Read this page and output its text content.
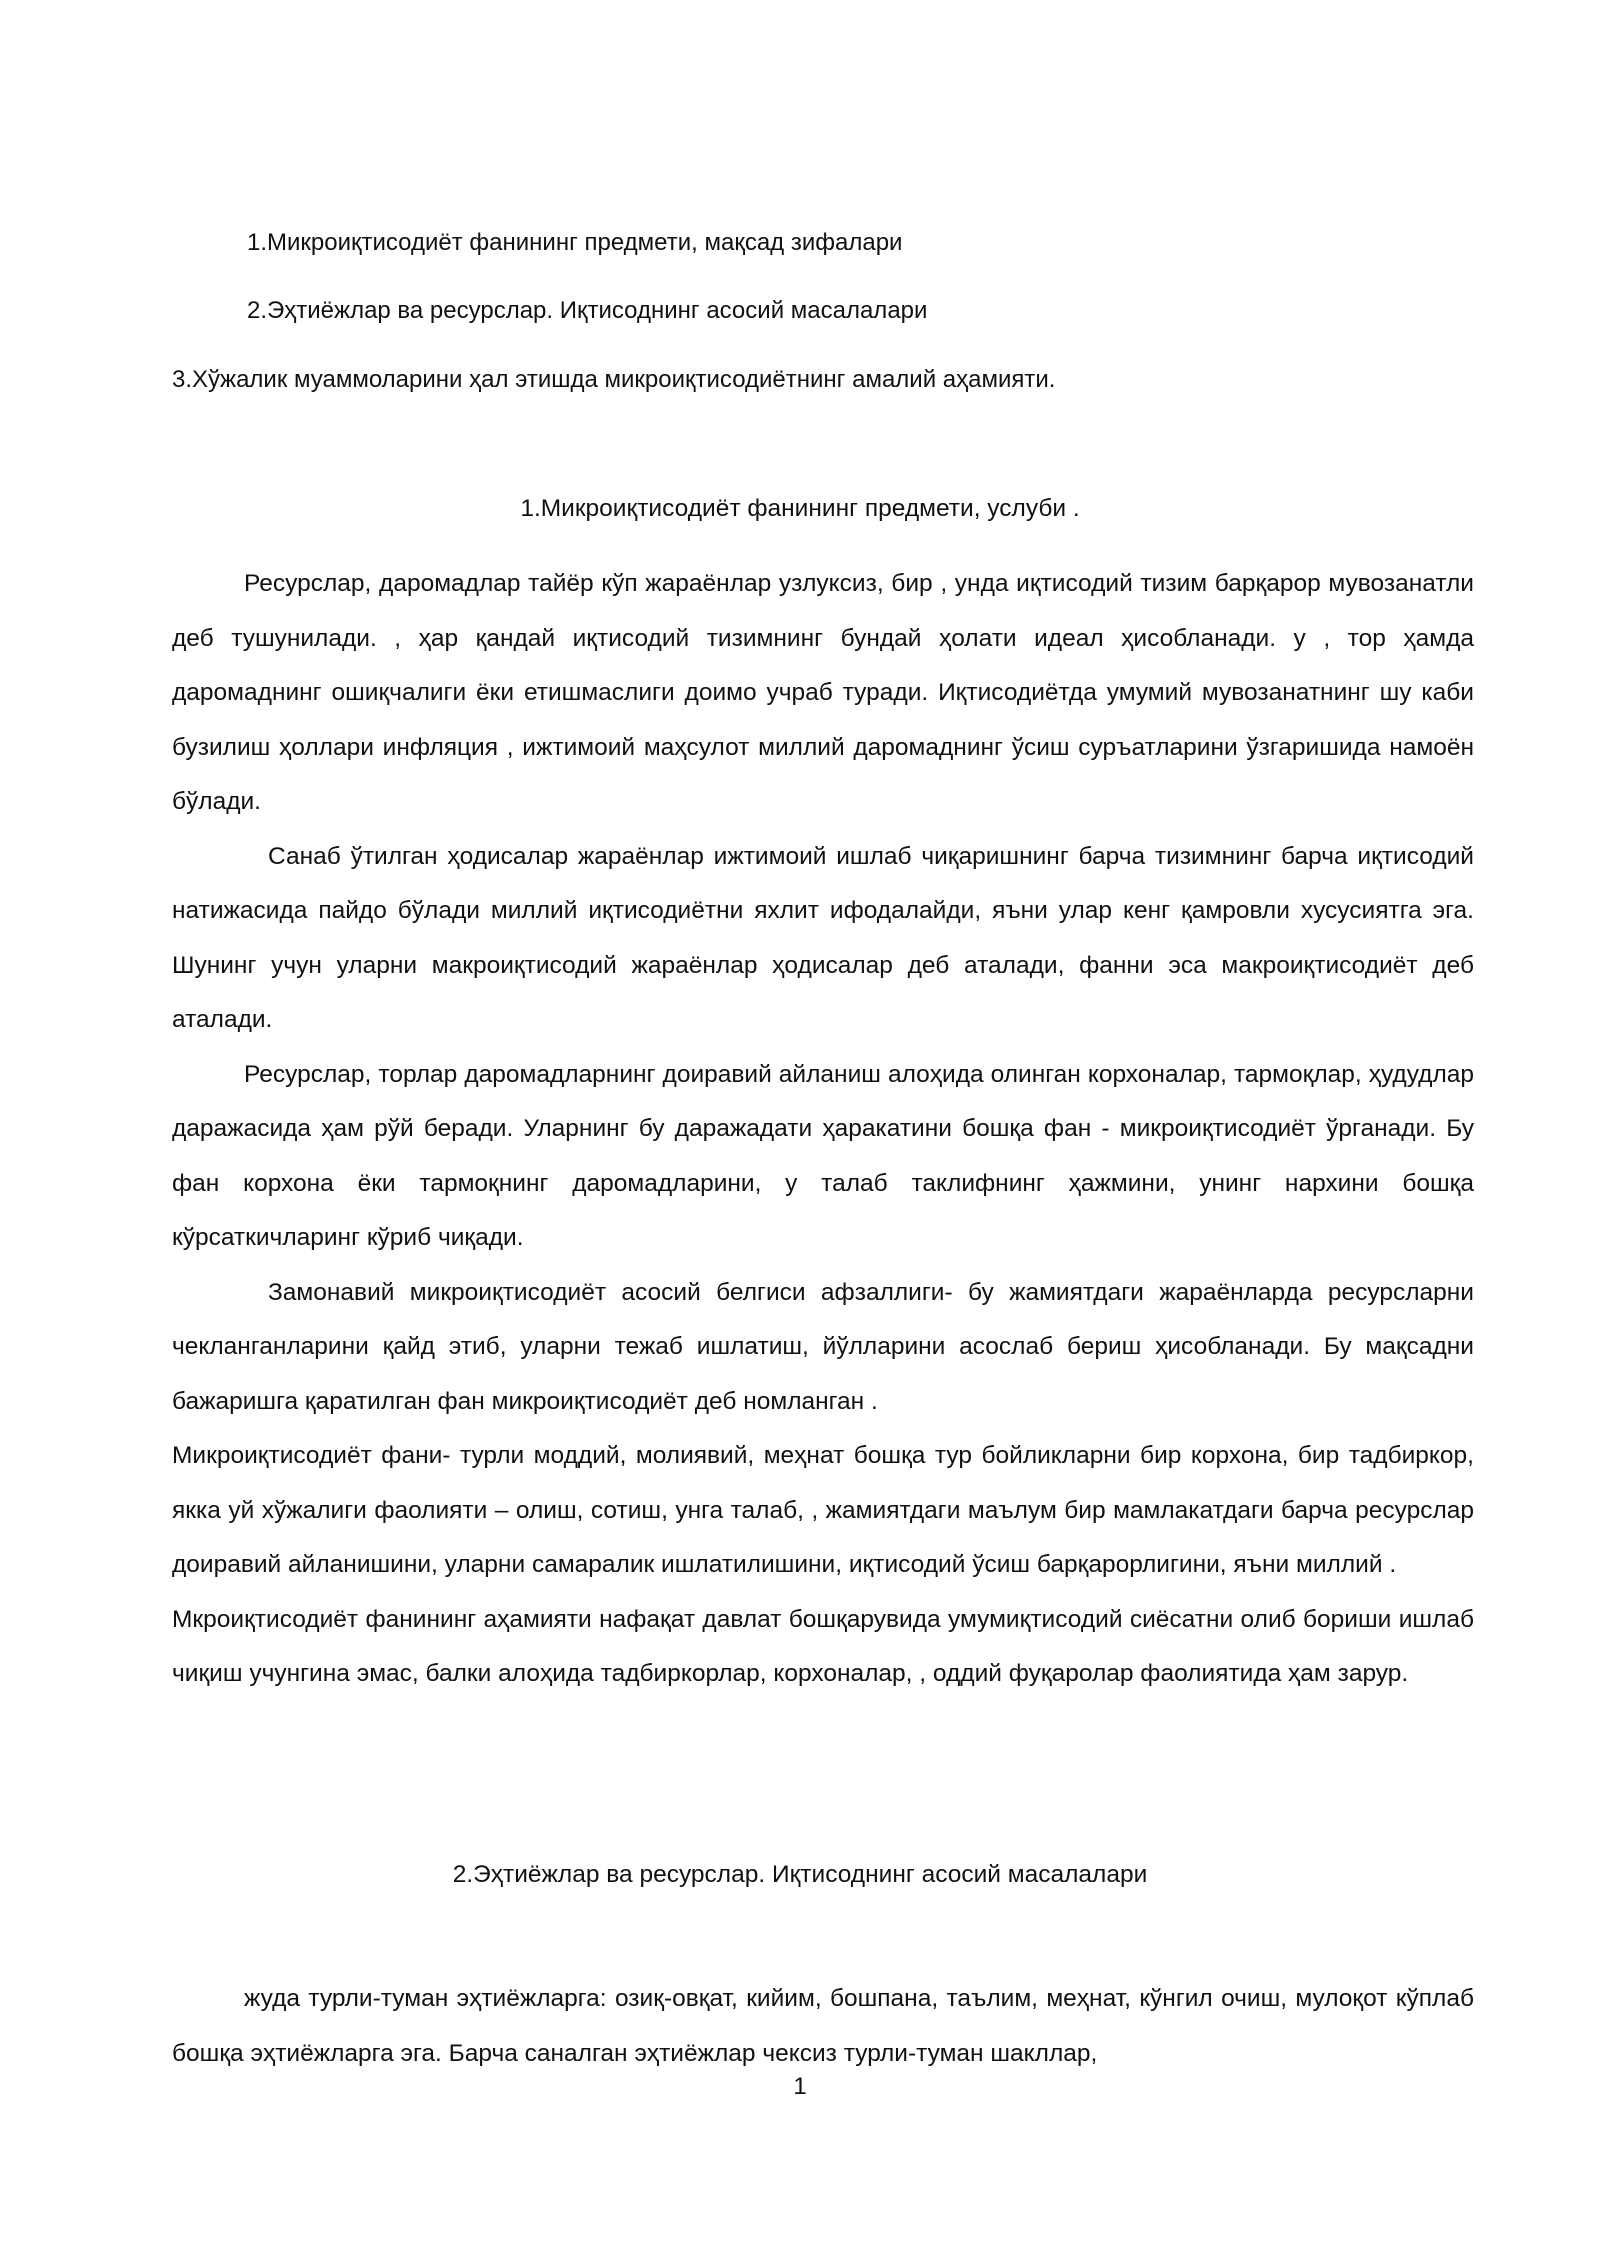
1.Микроиқтисодиёт фанининг предмети, мақсад зифалари
2.Эҳтиёжлар ва ресурслар. Иқтисоднинг асосий масалалари
3.Хўжалик муаммоларини ҳал этишда микроиқтисодиётнинг амалий аҳамияти.
1.Микроиқтисодиёт фанининг предмети, услуби .

Ресурслар, даромадлар тайёр кўп жараёнлар узлуксиз, бир , унда иқтисодий тизим барқарор мувозанатли деб тушунилади. , ҳар қандай иқтисодий тизимнинг бундай ҳолати идеал ҳисобланади. у , тор ҳамда даромаднинг ошиқчалиги ёки етишмаслиги доимо учраб туради. Иқтисодиётда умумий мувозанатнинг шу каби бузилиш ҳоллари инфляция , ижтимоий маҳсулот миллий даромаднинг ўсиш суръатларини ўзгаришида намоён бўлади.

Санаб ўтилган ҳодисалар жараёнлар ижтимоий ишлаб чиқаришнинг барча тизимнинг барча иқтисодий натижасида пайдо бўлади миллий иқтисодиётни яхлит ифодалайди, яъни улар кенг қамровли хусусиятга эга. Шунинг учун уларни макроиқтисодий жараёнлар ҳодисалар деб аталади, фанни эса макроиқтисодиёт деб аталади.

Ресурслар, торлар даромадларнинг доиравий айланиш алоҳида олинган корхоналар, тармоқлар, ҳудудлар даражасида ҳам рўй беради. Уларнинг бу даражадати ҳаракатини бошқа фан - микроиқтисодиёт ўрганади. Бу фан корхона ёки тармоқнинг даромадларини, у талаб таклифнинг ҳажмини, унинг нархини бошқа кўрсаткичларинг кўриб чиқади.

Замонавий микроиқтисодиёт асосий белгиси афзаллиги- бу жамиятдаги жараёнларда ресурсларни чекланганларини қайд этиб, уларни тежаб ишлатиш, йўлларини асослаб бериш ҳисобланади. Бу мақсадни бажаришга қаратилган фан микроиқтисодиёт деб номланган .

Микроиқтисодиёт фани- турли моддий, молиявий, меҳнат бошқа тур бойликларни бир корхона, бир тадбиркор, якка уй хўжалиги фаолияти – олиш, сотиш, унга талаб, , жамиятдаги маълум бир мамлакатдаги барча ресурслар доиравий айланишини, уларни самаралик ишлатилишини, иқтисодий ўсиш барқарорлигини, яъни миллий .

Мкроиқтисодиёт фанининг аҳамияти нафақат давлат бошқарувида умумиқтисодий сиёсатни олиб бориши ишлаб чиқиш учунгина эмас, балки алоҳида тадбиркорлар, корхоналар, , оддий фуқаролар фаолиятида ҳам зарур.

2.Эҳтиёжлар ва ресурслар. Иқтисоднинг асосий масалалари

жуда турли-туман эҳтиёжларга: озиқ-овқат, кийим, бошпана, таълим, меҳнат, кўнгил очиш, мулоқот кўплаб бошқа эҳтиёжларга эга. Барча саналган эҳтиёжлар чексиз турли-туман шакллар,

1
